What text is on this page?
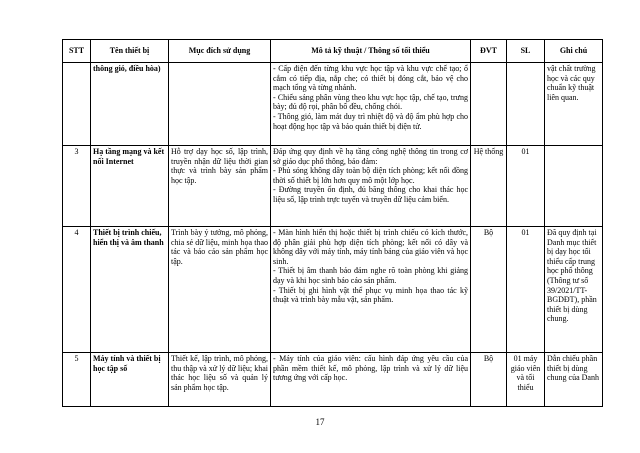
STT	Tên thiết bị	Mục đích sử dụng	Mô tả kỹ thuật / Thông số tối thiểu	ĐVT	SL	Ghi chú
	thông gió, điều hòa)		- Cấp điện đến từng khu vực học tập và khu vực chế tạo; ổ cắm có tiếp địa, nắp che; có thiết bị đóng cắt, bảo vệ cho mạch tổng và từng nhánh.
- Chiếu sáng phân vùng theo khu vực học tập, chế tạo, trưng bày; đủ độ rọi, phân bố đều, chống chói.
- Thông gió, làm mát duy trì nhiệt độ và độ ẩm phù hợp cho hoạt động học tập và bảo quản thiết bị điện tử.			vật chất trường học và các quy chuẩn kỹ thuật liên quan.
3	Hạ tầng mạng và kết nối Internet	Hỗ trợ dạy học số, lập trình, truyền nhận dữ liệu thời gian thực và trình bày sản phẩm học tập.	Đáp ứng quy định về hạ tầng công nghệ thông tin trong cơ sở giáo dục phổ thông, bảo đảm:
- Phủ sóng không dây toàn bộ diện tích phòng; kết nối đồng thời số thiết bị lớn hơn quy mô một lớp học.
- Đường truyền ổn định, đủ băng thông cho khai thác học liệu số, lập trình trực tuyến và truyền dữ liệu cảm biến.	Hệ thống	01	
4	Thiết bị trình chiếu, hiển thị và âm thanh	Trình bày ý tưởng, mô phỏng, chia sẻ dữ liệu, minh họa thao tác và báo cáo sản phẩm học tập.	- Màn hình hiển thị hoặc thiết bị trình chiếu có kích thước, độ phân giải phù hợp diện tích phòng; kết nối có dây và không dây với máy tính, máy tính bảng của giáo viên và học sinh.
- Thiết bị âm thanh bảo đảm nghe rõ toàn phòng khi giảng dạy và khi học sinh báo cáo sản phẩm.
- Thiết bị ghi hình vật thể phục vụ minh họa thao tác kỹ thuật và trình bày mẫu vật, sản phẩm.	Bộ	01	Đã quy định tại Danh mục thiết bị dạy học tối thiểu cấp trung học phổ thông (Thông tư số 39/2021/TT-BGDĐT), phần thiết bị dùng chung.
5	Máy tính và thiết bị học tập số	Thiết kế, lập trình, mô phỏng, thu thập và xử lý dữ liệu; khai thác học liệu số và quản lý sản phẩm học tập.	- Máy tính của giáo viên: cấu hình đáp ứng yêu cầu của phần mềm thiết kế, mô phỏng, lập trình và xử lý dữ liệu tương ứng với cấp học.	Bộ	01 máy giáo viên và tối thiểu	Dẫn chiếu phần thiết bị dùng chung của Danh
17
